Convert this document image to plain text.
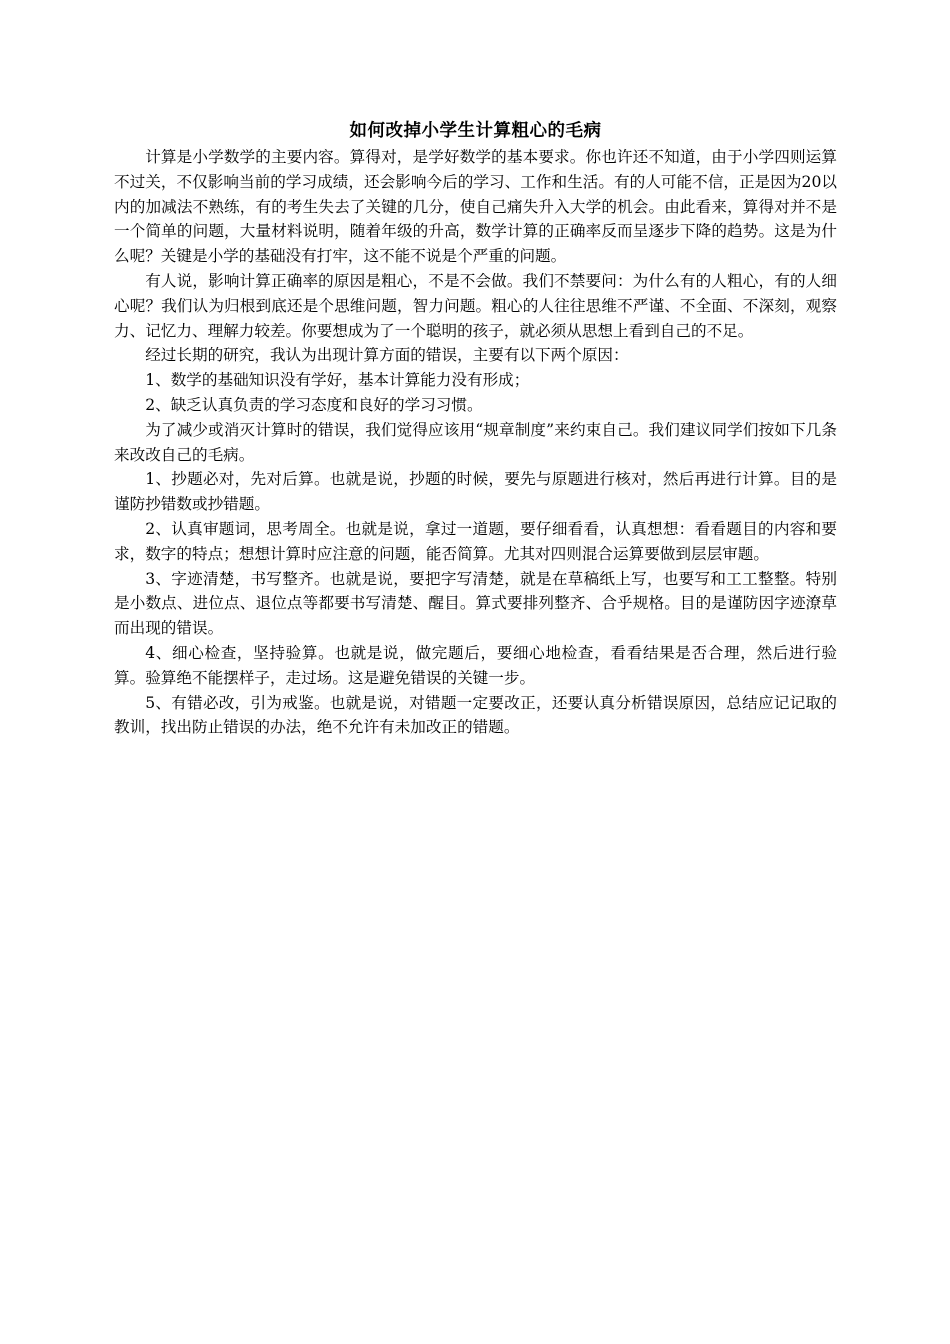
如何改掉小学生计算粗心的毛病

计算是小学数学的主要内容。算得对，是学好数学的基本要求。你也许还不知道，由于小学四则运算不过关，不仅影响当前的学习成绩，还会影响今后的学习、工作和生活。有的人可能不信，正是因为20以内的加减法不熟练，有的考生失去了关键的几分，使自己痛失升入大学的机会。由此看来，算得对并不是一个简单的问题，大量材料说明，随着年级的升高，数学计算的正确率反而呈逐步下降的趋势。这是为什么呢？关键是小学的基础没有打牢，这不能不说是个严重的问题。

有人说，影响计算正确率的原因是粗心，不是不会做。我们不禁要问：为什么有的人粗心，有的人细心呢？我们认为归根到底还是个思维问题，智力问题。粗心的人往往思维不严谨、不全面、不深刻，观察力、记忆力、理解力较差。你要想成为了一个聪明的孩子，就必须从思想上看到自己的不足。

经过长期的研究，我认为出现计算方面的错误，主要有以下两个原因：

1、数学的基础知识没有学好，基本计算能力没有形成；

2、缺乏认真负责的学习态度和良好的学习习惯。

为了减少或消灭计算时的错误，我们觉得应该用“规章制度”来约束自己。我们建议同学们按如下几条来改改自己的毛病。

1、抄题必对，先对后算。也就是说，抄题的时候，要先与原题进行核对，然后再进行计算。目的是谨防抄错数或抄错题。

2、认真审题词，思考周全。也就是说，拿过一道题，要仔细看看，认真想想：看看题目的内容和要求，数字的特点；想想计算时应注意的问题，能否简算。尤其对四则混合运算要做到层层审题。

3、字迹清楚，书写整齐。也就是说，要把字写清楚，就是在草稿纸上写，也要写和工工整整。特别是小数点、进位点、退位点等都要书写清楚、醒目。算式要排列整齐、合乎规格。目的是谨防因字迹潦草而出现的错误。

4、细心检查，坚持验算。也就是说，做完题后，要细心地检查，看看结果是否合理，然后进行验算。验算绝不能摆样子，走过场。这是避免错误的关键一步。

5、有错必改，引为戒鉴。也就是说，对错题一定要改正，还要认真分析错误原因，总结应记记取的教训，找出防止错误的办法，绝不允许有未加改正的错题。
